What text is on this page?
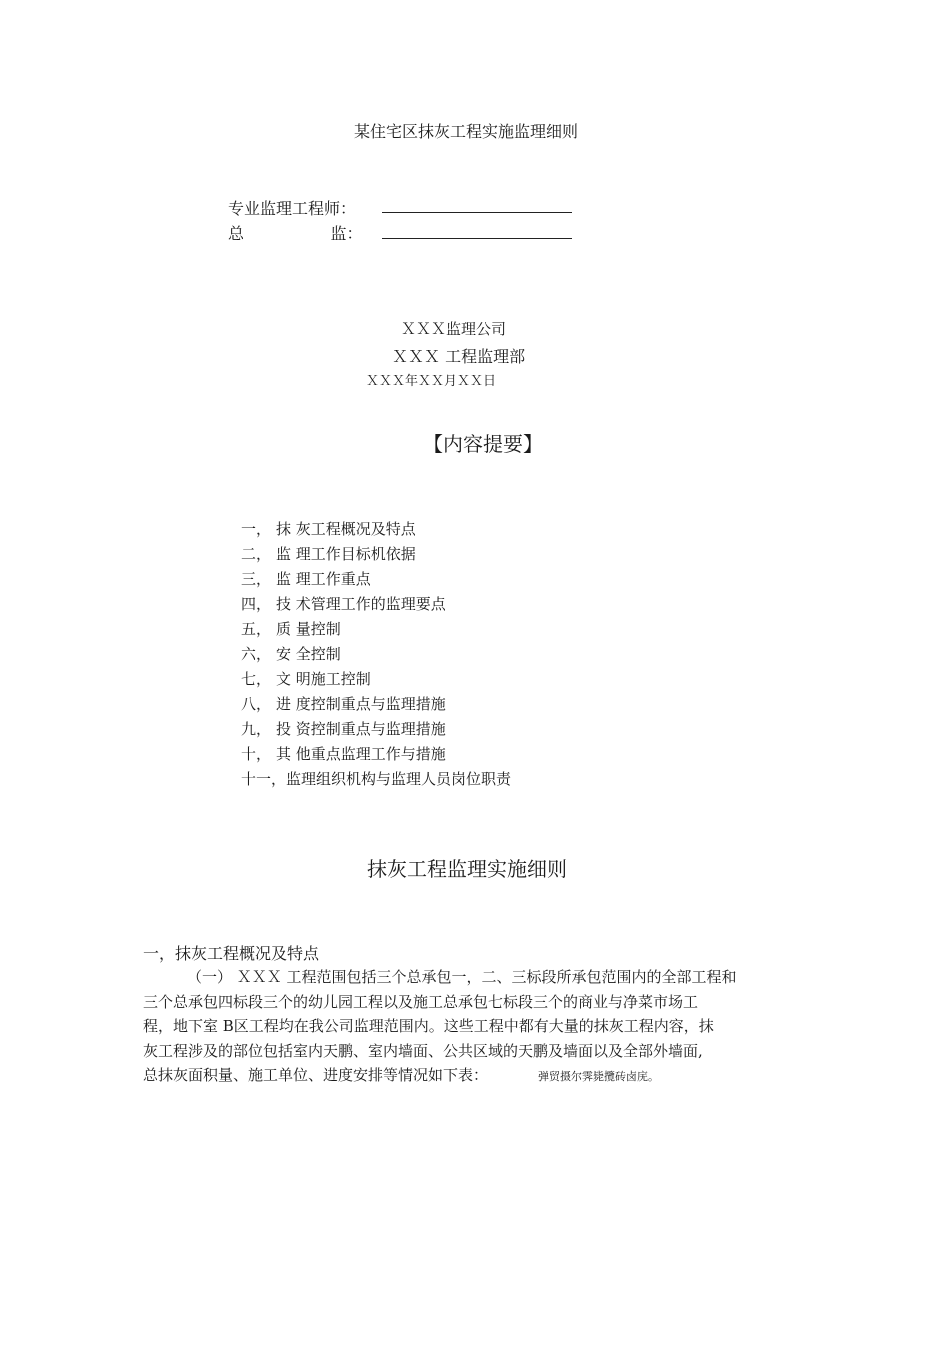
某住宅区抹灰工程实施监理细则
专业监理工程师：
总                 监：
ＸＸＸ监理公司
ＸＸＸ 工程监理部
ＸＸＸ年ＸＸ月ＸＸ日
【内容提要】
一， 抹 灰工程概况及特点
二， 监 理工作目标机依据
三， 监 理工作重点
四， 技 术管理工作的监理要点
五， 质 量控制
六， 安 全控制
七， 文 明施工控制
八， 进 度控制重点与监理措施
九， 投 资控制重点与监理措施
十， 其 他重点监理工作与措施
十一，监理组织机构与监理人员岗位职责
抹灰工程监理实施细则
一，抹灰工程概况及特点
（一） ＸＸＸ 工程范围包括三个总承包一，二、三标段所承包范围内的全部工程和
三个总承包四标段三个的幼儿园工程以及施工总承包七标段三个的商业与净菜市场工
程，地下室 B区工程均在我公司监理范围内。这些工程中都有大量的抹灰工程内容，抹
灰工程涉及的部位包括室内天鹏、室内墙面、公共区域的天鹏及墙面以及全部外墙面,
总抹灰面积量、施工单位、进度安排等情况如下表：	弹贸摄尔霁毙攬砖卤庑。
